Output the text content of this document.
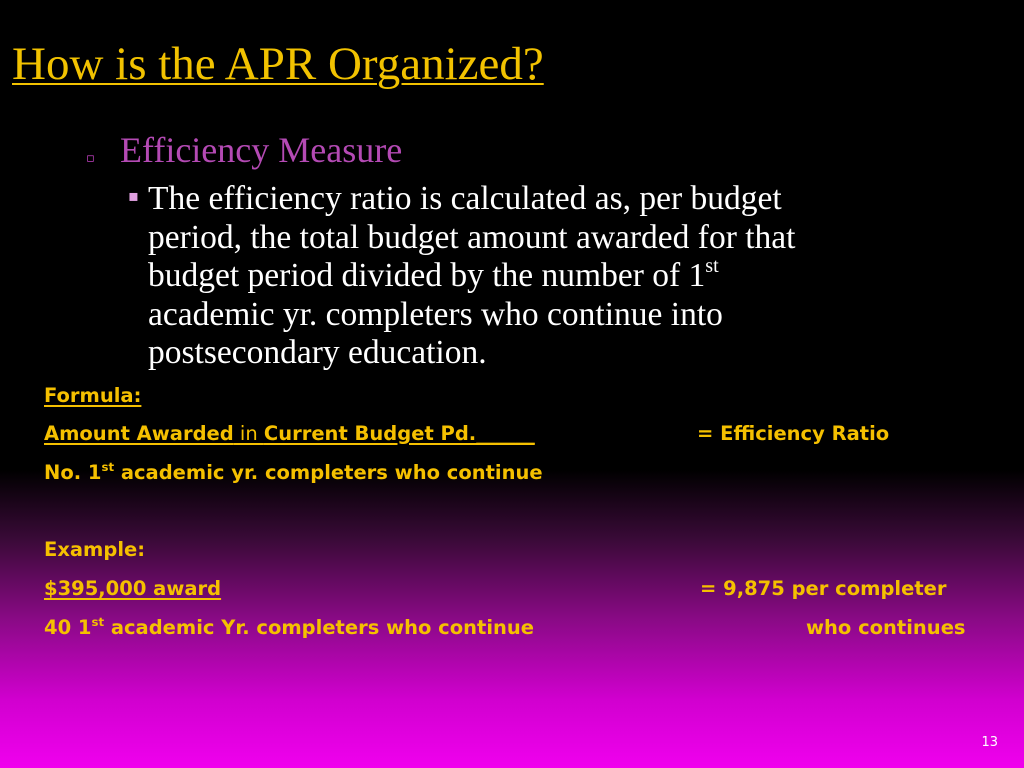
How is the APR Organized?
▫ Efficiency Measure
▪ The efficiency ratio is calculated as, per budget
period, the total budget amount awarded for that
budget period divided by the number of 1st
academic yr. completers who continue into
postsecondary education.
Formula:
Amount Awarded in Current Budget Pd.______	= Efficiency Ratio
No. 1st academic yr. completers who continue
Example:
$395,000 award	= 9,875 per completer
40 1st academic Yr. completers who continue	who continues
13
